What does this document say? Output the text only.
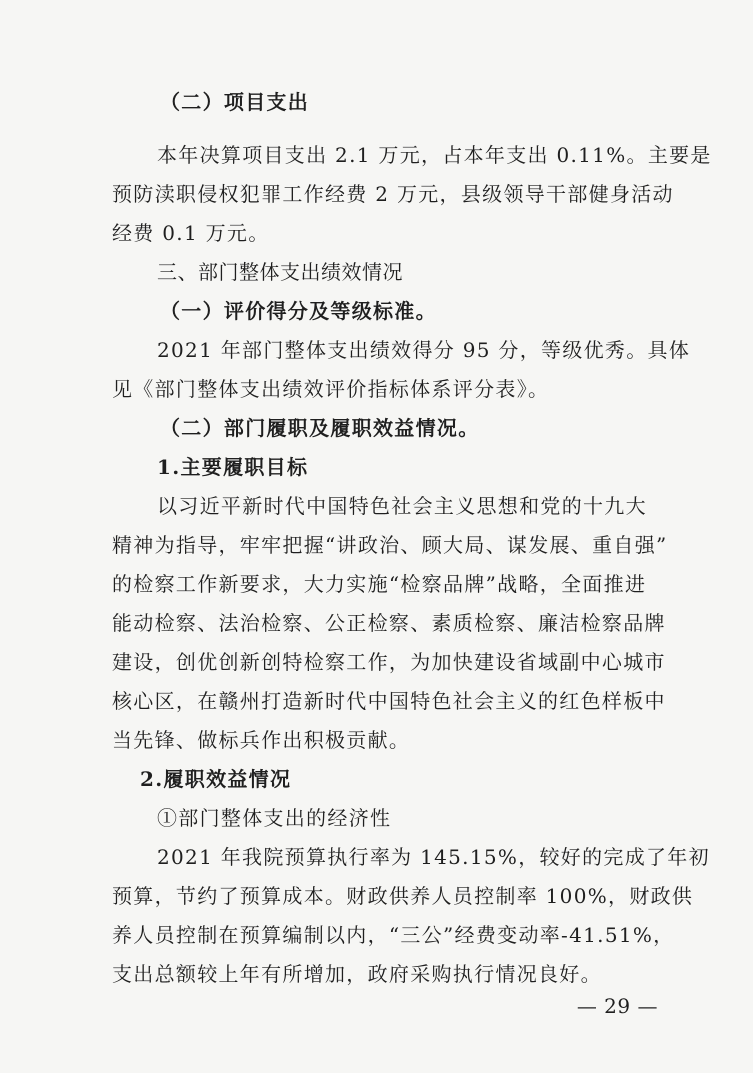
（二）项目支出
本年决算项目支出 2.1 万元，占本年支出 0.11%。主要是
预防渎职侵权犯罪工作经费 2 万元，县级领导干部健身活动
经费 0.1 万元。
三、部门整体支出绩效情况
（一）评价得分及等级标准。
2021 年部门整体支出绩效得分 95 分，等级优秀。具体
见《部门整体支出绩效评价指标体系评分表》。
（二）部门履职及履职效益情况。
1.主要履职目标
以习近平新时代中国特色社会主义思想和党的十九大
精神为指导，牢牢把握“讲政治、顾大局、谋发展、重自强”
的检察工作新要求，大力实施“检察品牌”战略，全面推进
能动检察、法治检察、公正检察、素质检察、廉洁检察品牌
建设，创优创新创特检察工作，为加快建设省域副中心城市
核心区，在赣州打造新时代中国特色社会主义的红色样板中
当先锋、做标兵作出积极贡献。
2.履职效益情况
①部门整体支出的经济性
2021 年我院预算执行率为 145.15%，较好的完成了年初
预算，节约了预算成本。财政供养人员控制率 100%，财政供
养人员控制在预算编制以内，“三公”经费变动率-41.51%，
支出总额较上年有所增加，政府采购执行情况良好。
— 29 —
